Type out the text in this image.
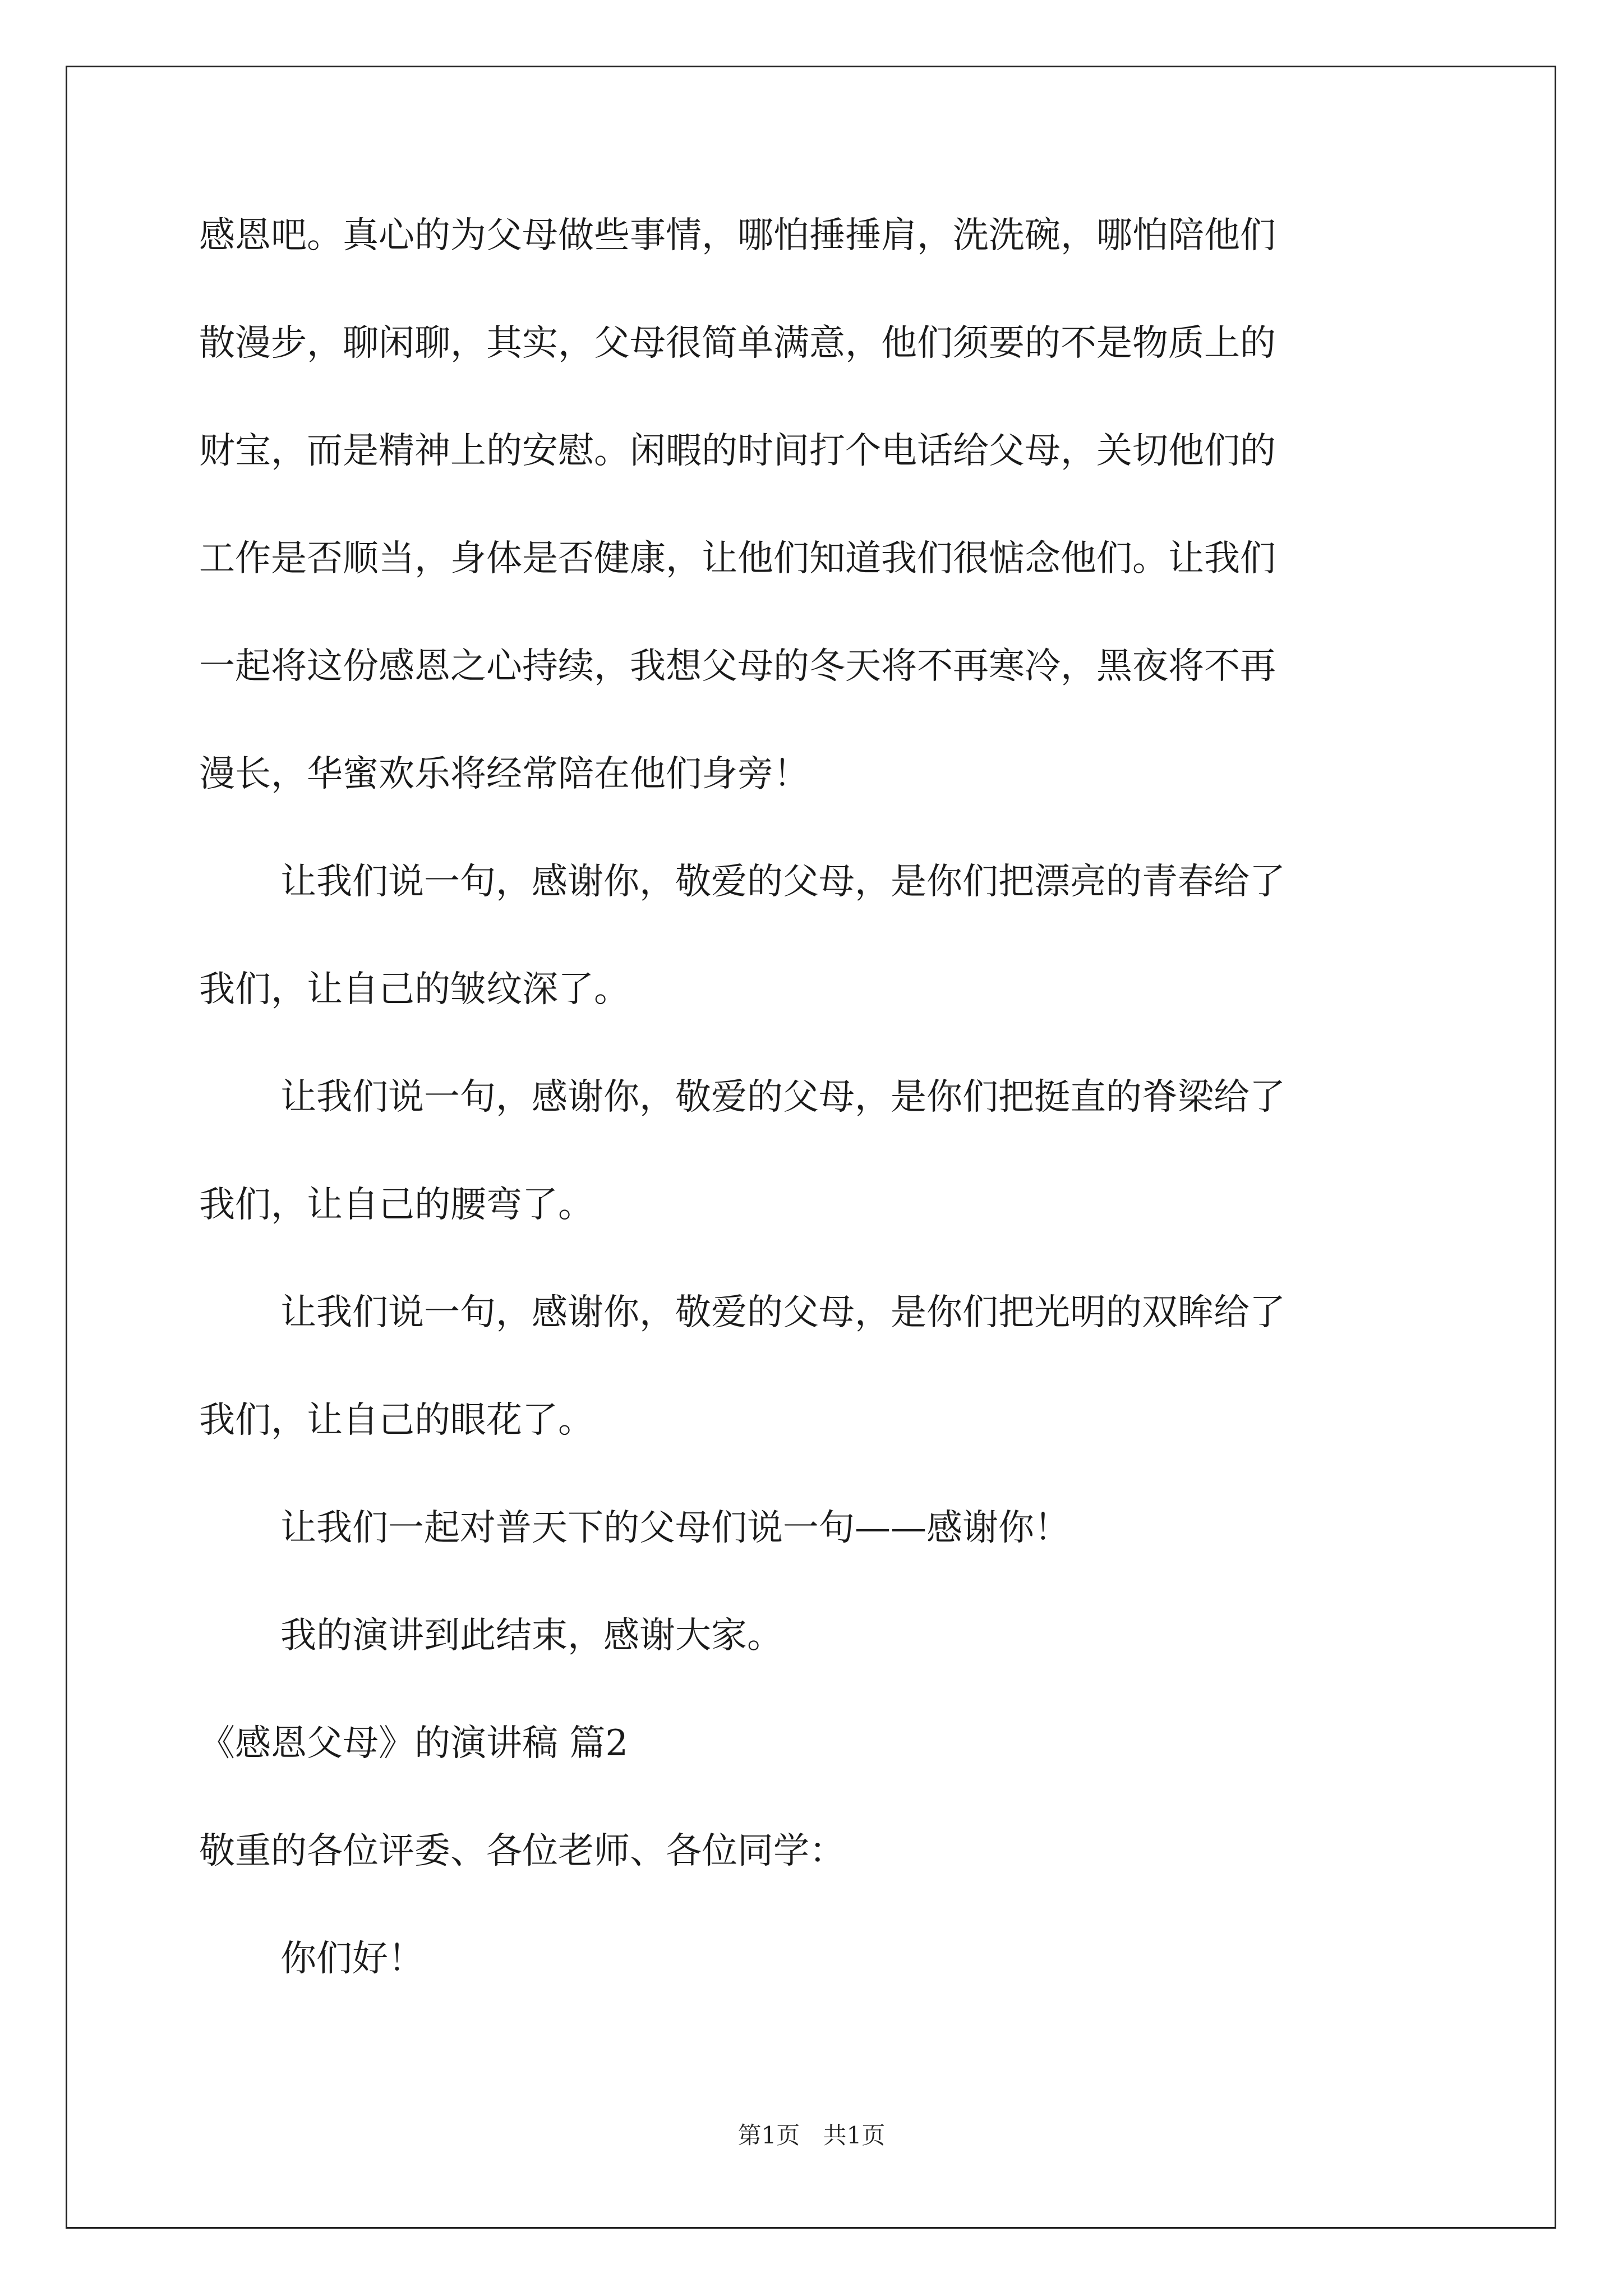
感恩吧。真心的为父母做些事情，哪怕捶捶肩，洗洗碗，哪怕陪他们
散漫步，聊闲聊，其实，父母很简单满意，他们须要的不是物质上的
财宝，而是精神上的安慰。闲暇的时间打个电话给父母，关切他们的
工作是否顺当，身体是否健康，让他们知道我们很惦念他们。让我们
一起将这份感恩之心持续，我想父母的冬天将不再寒冷，黑夜将不再
漫长，华蜜欢乐将经常陪在他们身旁！
让我们说一句，感谢你，敬爱的父母，是你们把漂亮的青春给了
我们，让自己的皱纹深了。
让我们说一句，感谢你，敬爱的父母，是你们把挺直的脊梁给了
我们，让自己的腰弯了。
让我们说一句，感谢你，敬爱的父母，是你们把光明的双眸给了
我们，让自己的眼花了。
让我们一起对普天下的父母们说一句——感谢你！
我的演讲到此结束，感谢大家。
《感恩父母》的演讲稿 篇2
敬重的各位评委、各位老师、各位同学：
你们好！
第1页 共1页
